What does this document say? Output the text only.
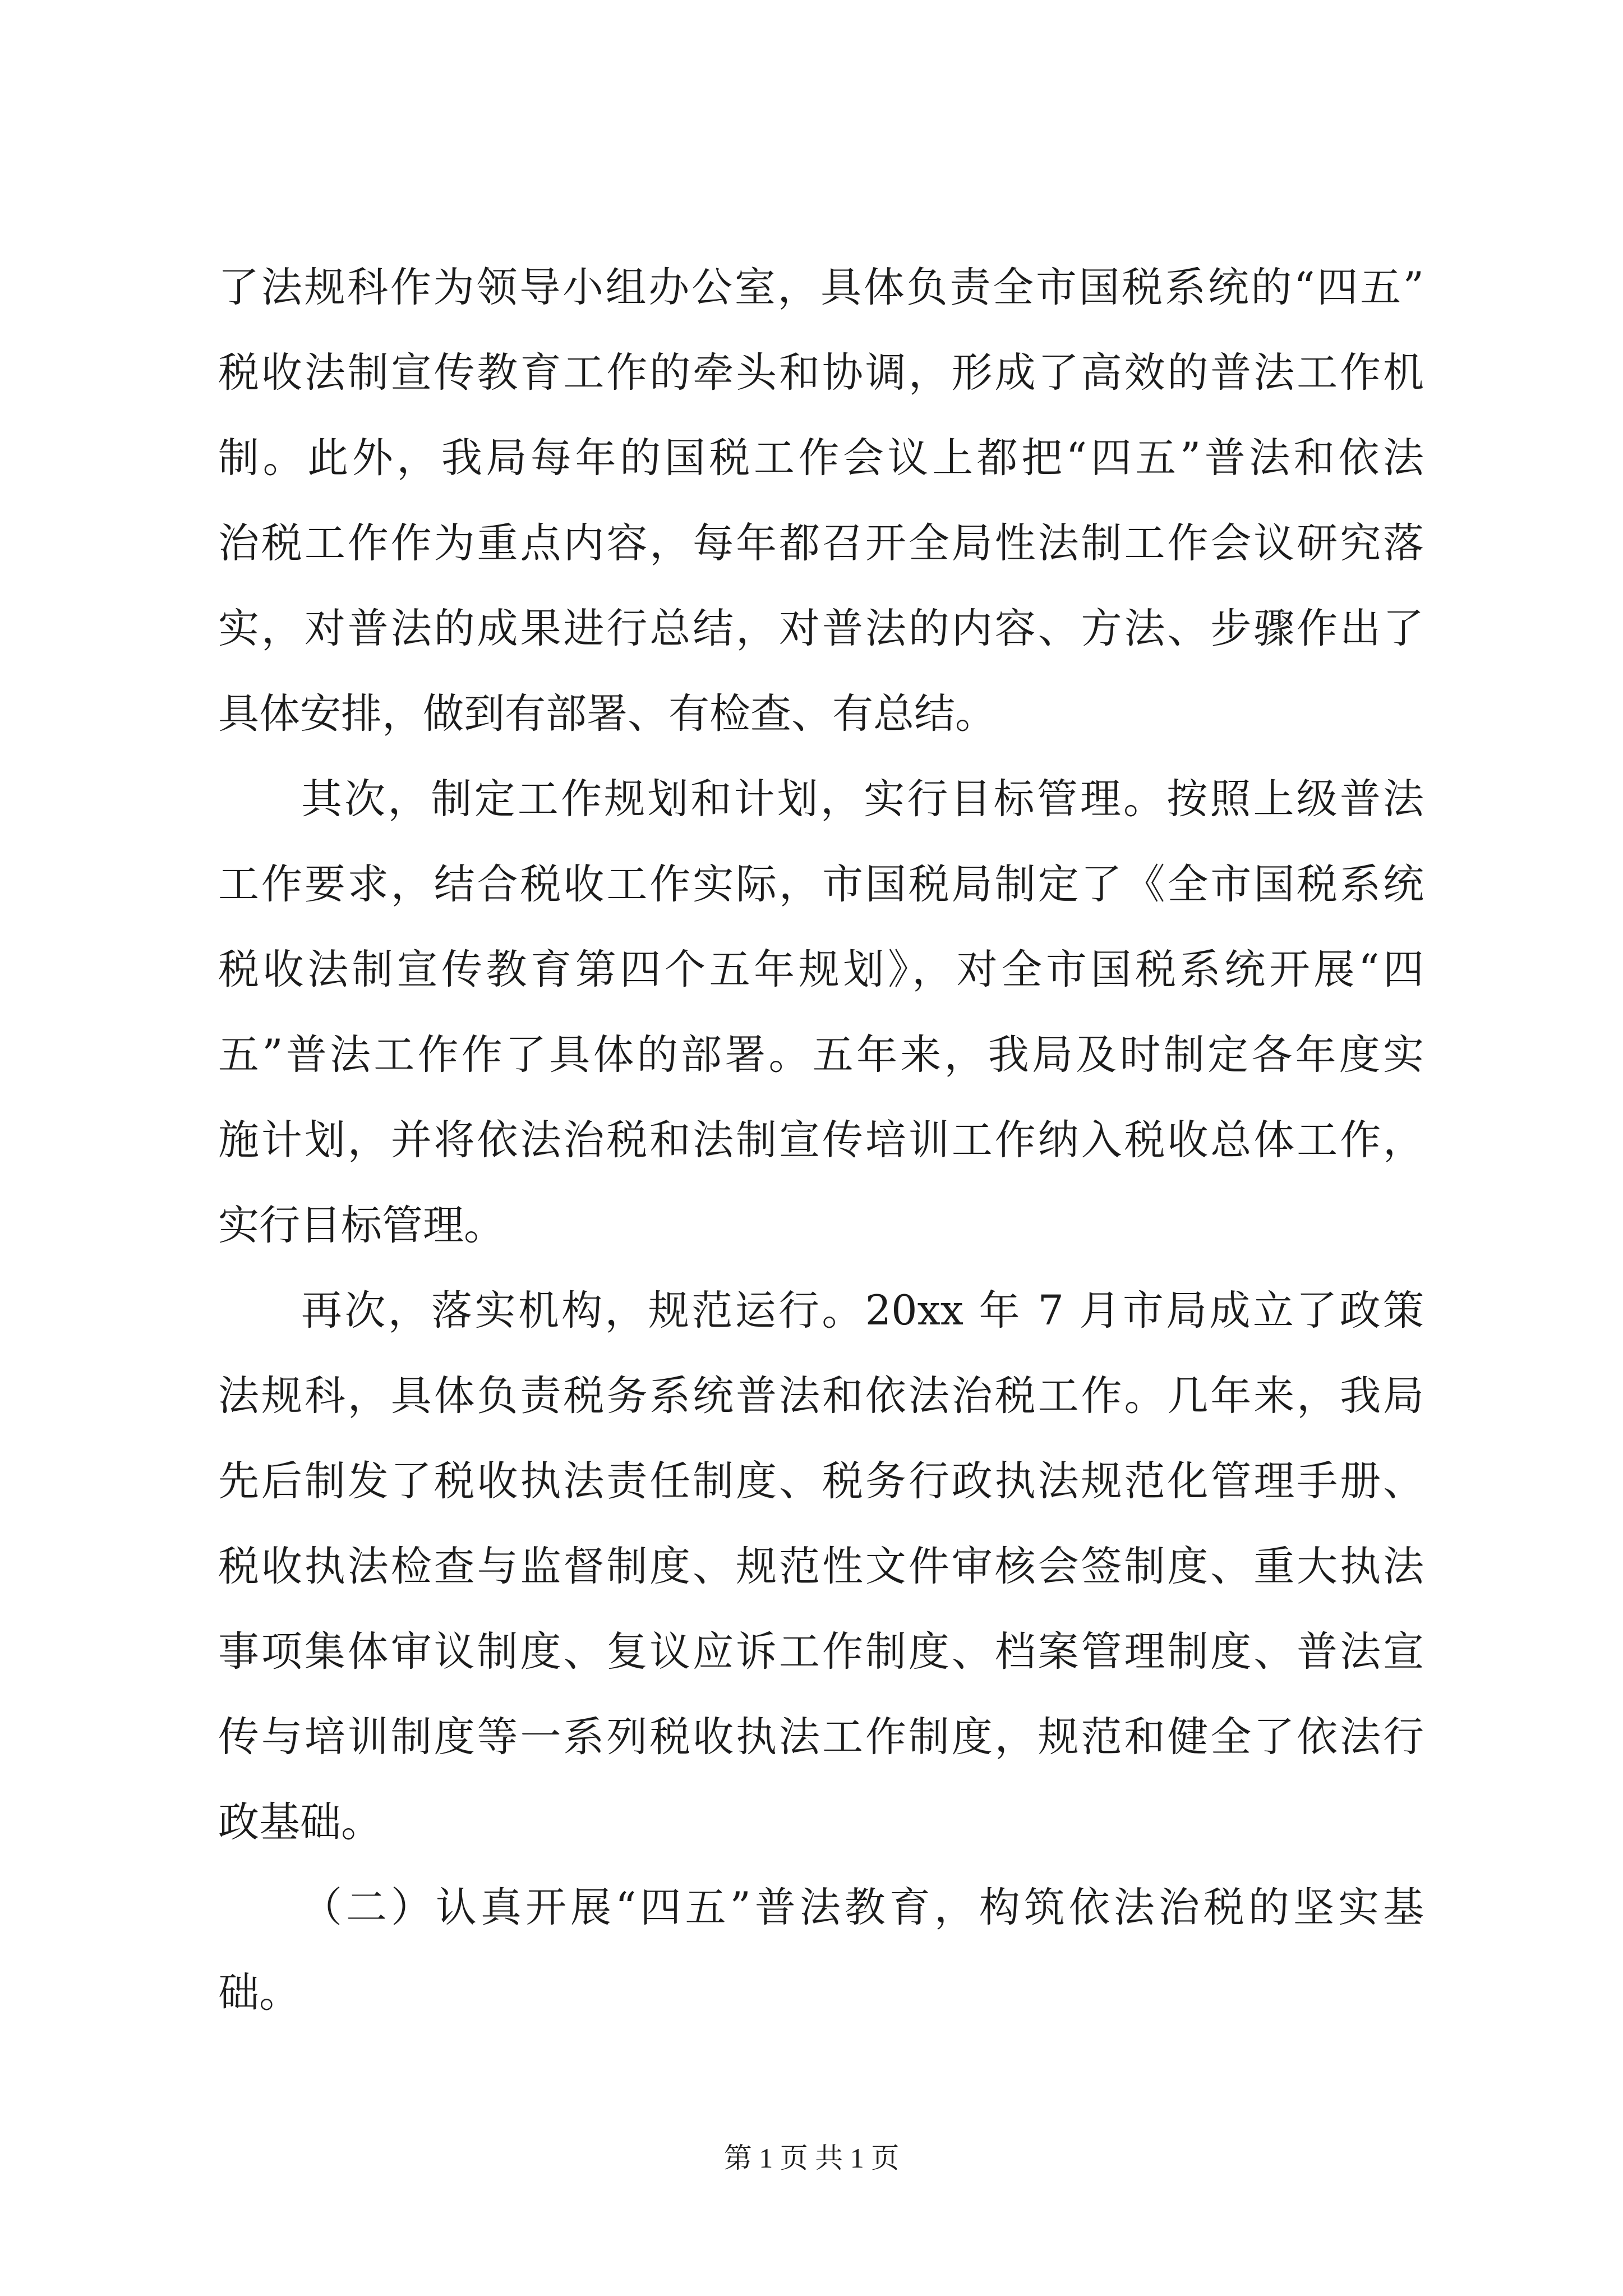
了法规科作为领导小组办公室，具体负责全市国税系统的“四五”
税收法制宣传教育工作的牵头和协调，形成了高效的普法工作机
制。此外，我局每年的国税工作会议上都把“四五”普法和依法
治税工作作为重点内容，每年都召开全局性法制工作会议研究落
实，对普法的成果进行总结，对普法的内容、方法、步骤作出了
具体安排，做到有部署、有检查、有总结。
其次，制定工作规划和计划，实行目标管理。按照上级普法
工作要求，结合税收工作实际，市国税局制定了《全市国税系统
税收法制宣传教育第四个五年规划》，对全市国税系统开展“四
五”普法工作作了具体的部署。五年来，我局及时制定各年度实
施计划，并将依法治税和法制宣传培训工作纳入税收总体工作，
实行目标管理。
再次，落实机构，规范运行。20xx 年 7 月市局成立了政策
法规科，具体负责税务系统普法和依法治税工作。几年来，我局
先后制发了税收执法责任制度、税务行政执法规范化管理手册、
税收执法检查与监督制度、规范性文件审核会签制度、重大执法
事项集体审议制度、复议应诉工作制度、档案管理制度、普法宣
传与培训制度等一系列税收执法工作制度，规范和健全了依法行
政基础。
（二）认真开展“四五”普法教育，构筑依法治税的坚实基
础。
第 1 页 共 1 页
